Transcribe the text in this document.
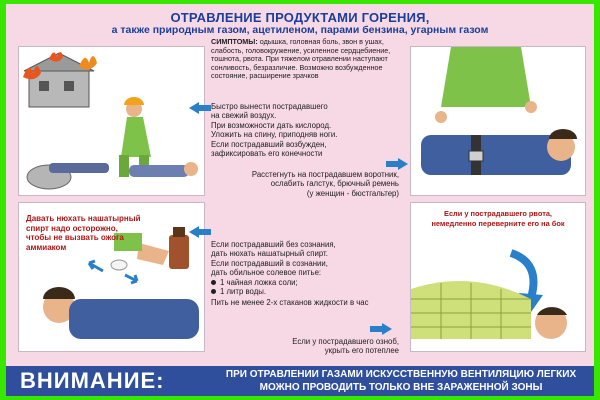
ОТРАВЛЕНИЕ ПРОДУКТАМИ ГОРЕНИЯ,
а также природным газом, ацетиленом, парами бензина, угарным газом
Давать нюхать нашатырный
спирт надо осторожно,
чтобы не вызвать ожога
аммиаком
Если у пострадавшего рвота,
немедленно переверните его на бок
СИМПТОМЫ: одышка, головная боль, звон в ушах, слабость, головокружение, усиленное сердцебиение, тошнота, рвота. При тяжелом отравлении наступают сонливость, безразличие. Возможно возбужденное состояние, расширение зрачков
Быстро вынести пострадавшего
на свежий воздух.
При возможности дать кислород.
Уложить на спину, приподняв ноги.
Если пострадавший возбужден,
зафиксировать его конечности
Расстегнуть на пострадавшем воротник,
ослабить галстук, брючный ремень
(у женщин - бюстгальтер)
Если пострадавший без сознания,
дать нюхать нашатырный спирт.
Если пострадавший в сознании,
дать обильное солевое питье:
1 чайная ложка соли;
1 литр воды.
Пить не менее 2-х стаканов жидкости в час
Если у пострадавшего озноб,
укрыть его потеплее
ВНИМАНИЕ:	ПРИ ОТРАВЛЕНИИ ГАЗАМИ ИСКУССТВЕННУЮ ВЕНТИЛЯЦИЮ ЛЕГКИХ
МОЖНО ПРОВОДИТЬ ТОЛЬКО ВНЕ ЗАРАЖЕННОЙ ЗОНЫ
